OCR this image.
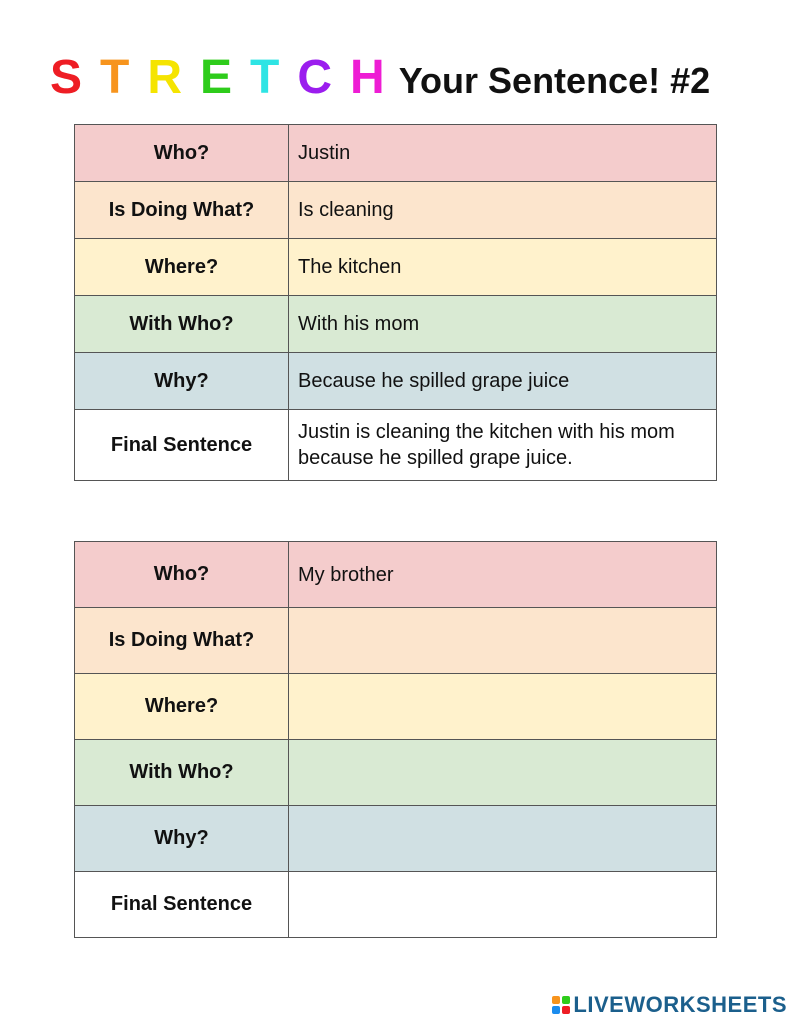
S T R E T C H Your Sentence! #2
Who?	Justin
Is Doing What?	Is cleaning
Where?	The kitchen
With Who?	With his mom
Why?	Because he spilled grape juice
Final Sentence	Justin is cleaning the kitchen with his mom because he spilled grape juice.
Who?	My brother
Is Doing What?	
Where?	
With Who?	
Why?	
Final Sentence	
LIVEWORKSHEETS
